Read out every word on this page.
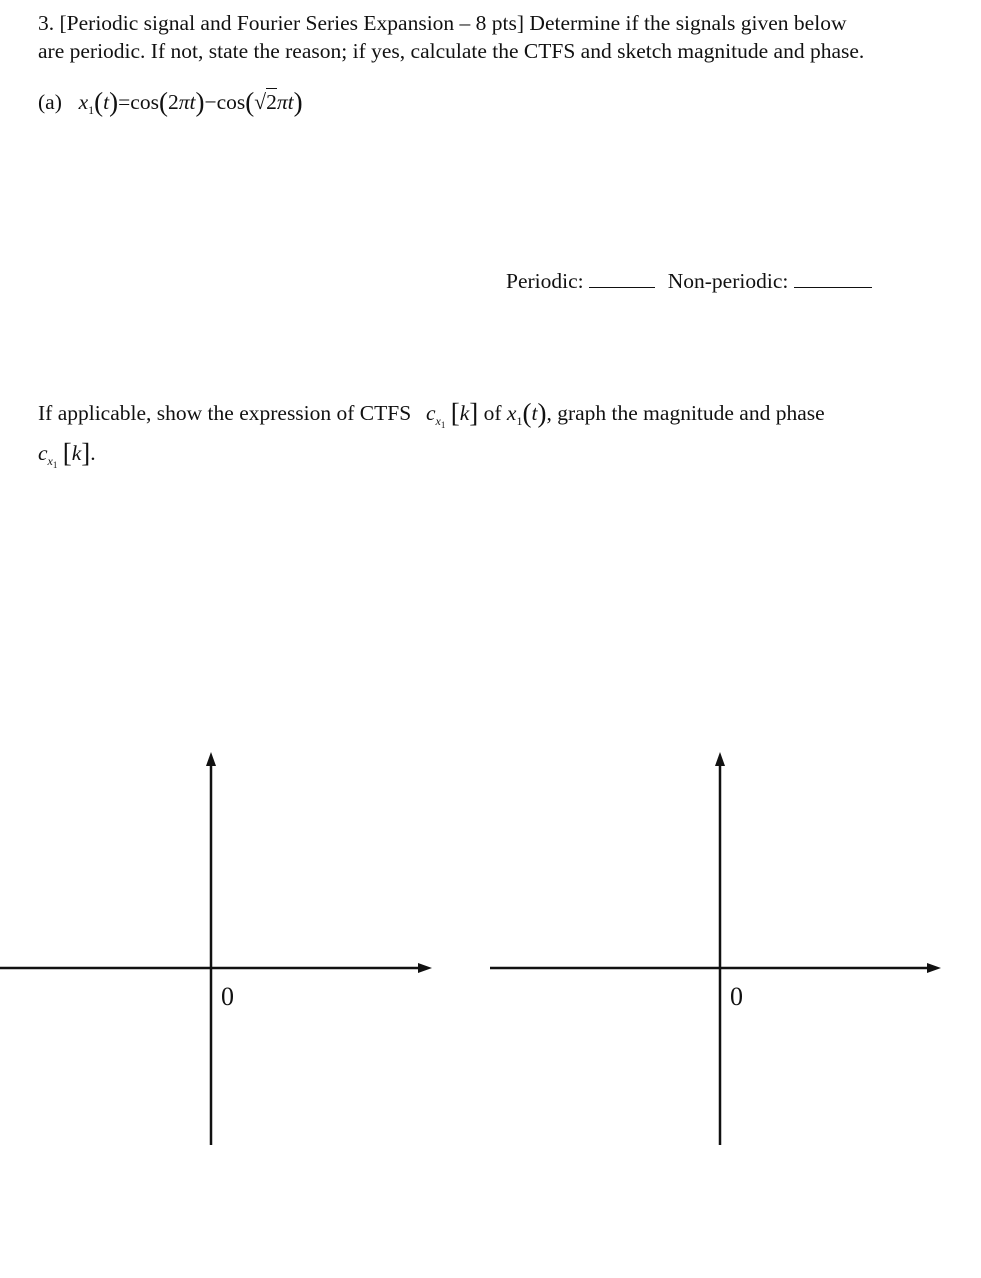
3. [Periodic signal and Fourier Series Expansion – 8 pts] Determine if the signals given below
are periodic. If not, state the reason; if yes, calculate the CTFS and sketch magnitude and phase.
(a) $x_1(t)=\cos(2\pi t)-\cos(√2\pi t)$
Periodic:	Non-periodic:
If applicable, show the expression of CTFS $c_{x_1}$ [k] of $x_1(t)$, graph the magnitude and phase
$c_{x_1}$ [k].
0	0
